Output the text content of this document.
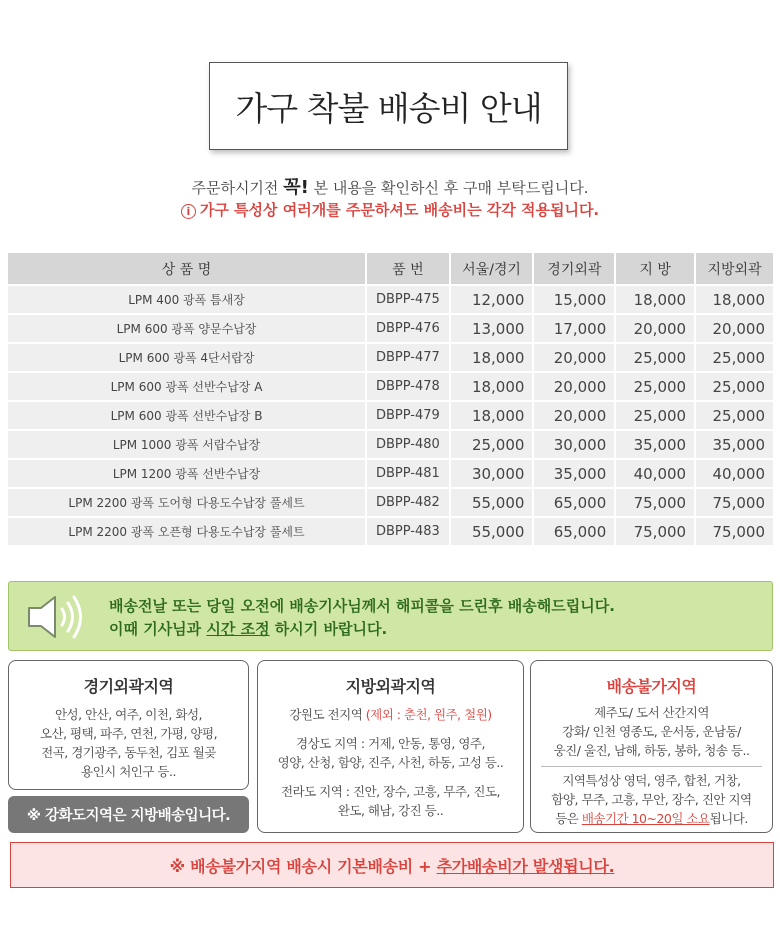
가구 착불 배송비 안내
주문하시기전 꼭! 본 내용을 확인하신 후 구매 부탁드립니다.
i 가구 특성상 여러개를 주문하셔도 배송비는 각각 적용됩니다.
상 품 명	품 번	서울/경기	경기외곽	지 방	지방외곽
LPM 400 광폭 틈새장	DBPP-475	12,000	15,000	18,000	18,000
LPM 600 광폭 양문수납장	DBPP-476	13,000	17,000	20,000	20,000
LPM 600 광폭 4단서랍장	DBPP-477	18,000	20,000	25,000	25,000
LPM 600 광폭 선반수납장 A	DBPP-478	18,000	20,000	25,000	25,000
LPM 600 광폭 선반수납장 B	DBPP-479	18,000	20,000	25,000	25,000
LPM 1000 광폭 서랍수납장	DBPP-480	25,000	30,000	35,000	35,000
LPM 1200 광폭 선반수납장	DBPP-481	30,000	35,000	40,000	40,000
LPM 2200 광폭 도어형 다용도수납장 풀세트	DBPP-482	55,000	65,000	75,000	75,000
LPM 2200 광폭 오픈형 다용도수납장 풀세트	DBPP-483	55,000	65,000	75,000	75,000
배송전날 또는 당일 오전에 배송기사님께서 해피콜을 드린후 배송해드립니다.
이때 기사님과 시간 조정 하시기 바랍니다.
경기외곽지역

안성, 안산, 여주, 이천, 화성,

오산, 평택, 파주, 연천, 가평, 양평,

전곡, 경기광주, 동두천, 김포 월곶

용인시 처인구 등..

※ 강화도지역은 지방배송입니다.
지방외곽지역

강원도 전지역 (제외 : 춘천, 원주, 철원)

경상도 지역 : 거제, 안동, 통영, 영주,

영양, 산청, 함양, 진주, 사천, 하동, 고성 등..

전라도 지역 : 진안, 장수, 고흥, 무주, 진도,

완도, 해남, 강진 등..

배송불가지역

제주도/ 도서 산간지역

강화/ 인천 영종도, 운서동, 운남동/

웅진/ 울진, 남해, 하동, 봉하, 청송 등..

지역특성상 영덕, 영주, 합천, 거창,

함양, 무주, 고흥, 무안, 장수, 진안 지역

등은 배송기간 10~20일 소요됩니다.

※ 배송불가지역 배송시 기본배송비 +
추가배송비가 발생됩니다.
